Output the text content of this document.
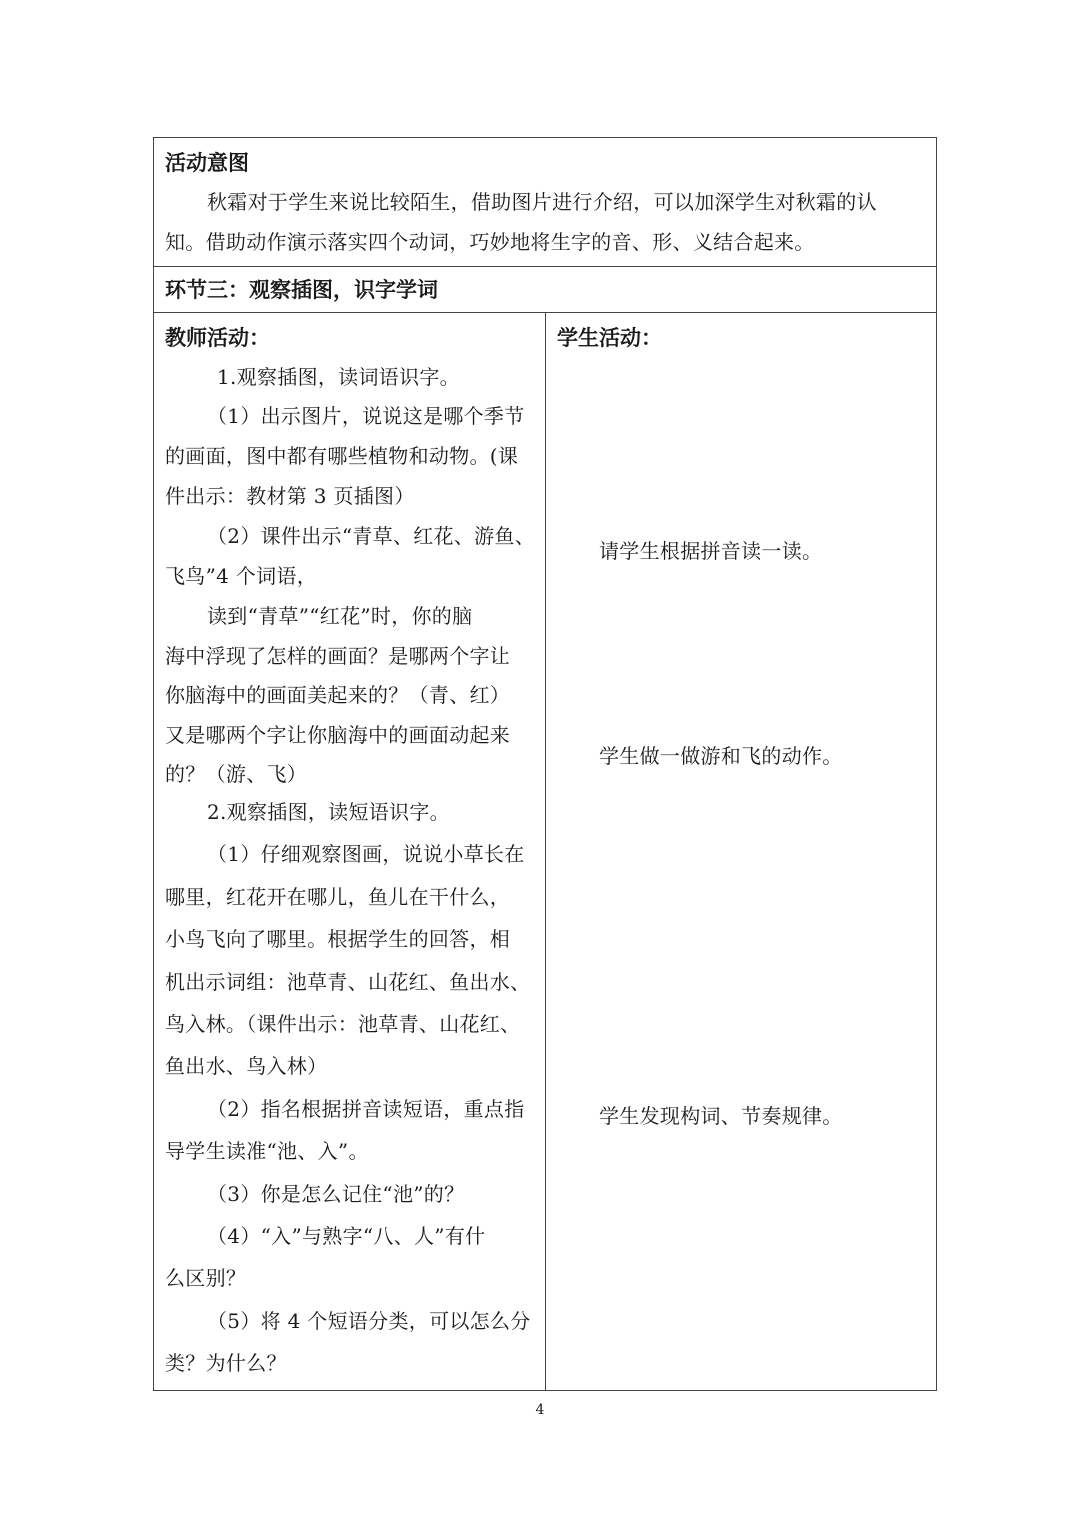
活动意图
秋霜对于学生来说比较陌生，借助图片进行介绍，可以加深学生对秋霜的认
知。借助动作演示落实四个动词，巧妙地将生字的音、形、义结合起来。
环节三：观察插图，识字学词
教师活动：
1.观察插图，读词语识字。
（1）出示图片，说说这是哪个季节
的画面，图中都有哪些植物和动物。(课
件出示：教材第 3 页插图）
（2）课件出示“青草、红花、游鱼、
飞鸟”4 个词语，
读到“青草”“红花”时，你的脑
海中浮现了怎样的画面？是哪两个字让
你脑海中的画面美起来的？（青、红）
又是哪两个字让你脑海中的画面动起来
的？（游、飞）
2.观察插图，读短语识字。
（1）仔细观察图画，说说小草长在
哪里，红花开在哪儿，鱼儿在干什么，
小鸟飞向了哪里。根据学生的回答，相
机出示词组：池草青、山花红、鱼出水、
鸟入林。（课件出示：池草青、山花红、
鱼出水、鸟入林）
（2）指名根据拼音读短语，重点指
导学生读准“池、入”。
（3）你是怎么记住“池”的？
（4）“入”与熟字“八、人”有什
么区别？
（5）将 4 个短语分类，可以怎么分
类？为什么？
学生活动：
请学生根据拼音读一读。
学生做一做游和飞的动作。
学生发现构词、节奏规律。
4
